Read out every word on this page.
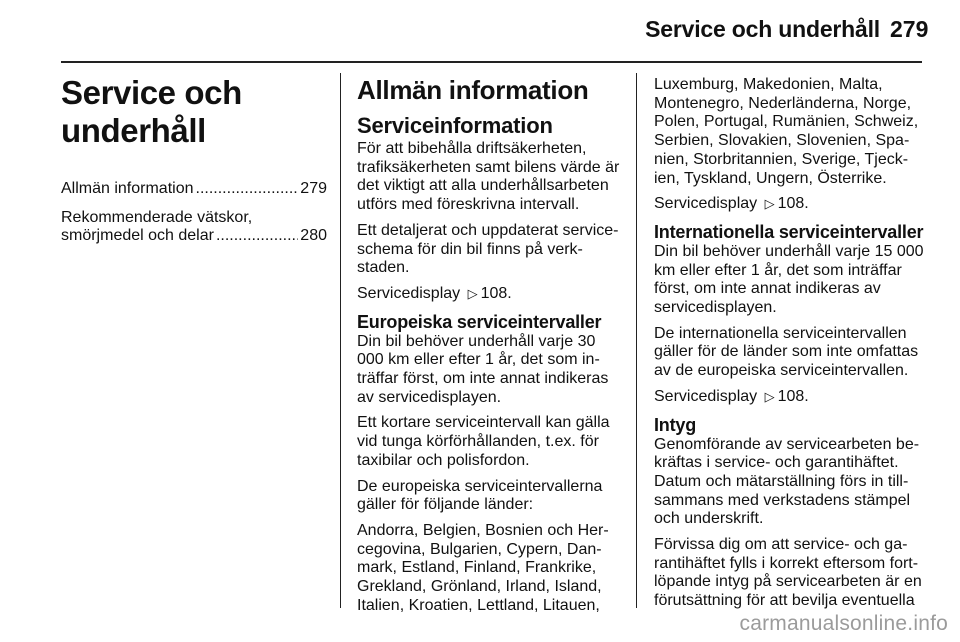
Service och underhåll 279
Service och underhåll
Allmän information .....	279
Rekommenderade vätskor,
smörjmedel och delar .....	280
Allmän information
Serviceinformation

För att bibehålla driftsäkerheten, trafiksäkerheten samt bilens värde är det viktigt att alla underhållsarbeten utförs med föreskrivna intervall.

Ett detaljerat och uppdaterat serviceschema för din bil finns på verkstaden.

Servicedisplay ▷ 108.

Europeiska serviceintervaller

Din bil behöver underhåll varje 30 000 km eller efter 1 år, det som inträffar först, om inte annat indikeras av servicedisplayen.

Ett kortare serviceintervall kan gälla vid tunga körförhållanden, t.ex. för taxibilar och polisfordon.

De europeiska serviceintervallerna gäller för följande länder:

Andorra, Belgien, Bosnien och Hercegovina, Bulgarien, Cypern, Danmark, Estland, Finland, Frankrike, Grekland, Grönland, Irland, Island, Italien, Kroatien, Lettland, Litauen,

Luxemburg, Makedonien, Malta, Montenegro, Nederländerna, Norge, Polen, Portugal, Rumänien, Schweiz, Serbien, Slovakien, Slovenien, Spanien, Storbritannien, Sverige, Tjeckien, Tyskland, Ungern, Österrike.

Servicedisplay ▷ 108.

Internationella serviceintervaller

Din bil behöver underhåll varje 15 000 km eller efter 1 år, det som inträffar först, om inte annat indikeras av servicedisplayen.

De internationella serviceintervallen gäller för de länder som inte omfattas av de europeiska serviceintervallen.

Servicedisplay ▷ 108.

Intyg

Genomförande av servicearbeten bekräftas i service- och garantihäftet. Datum och mätarställning förs in tillsammans med verkstadens stämpel och underskrift.

Förvissa dig om att service- och garantihäftet fylls i korrekt eftersom fortlöpande intyg på servicearbeten är en förutsättning för att bevilja eventuella

carmanualsonline.info
